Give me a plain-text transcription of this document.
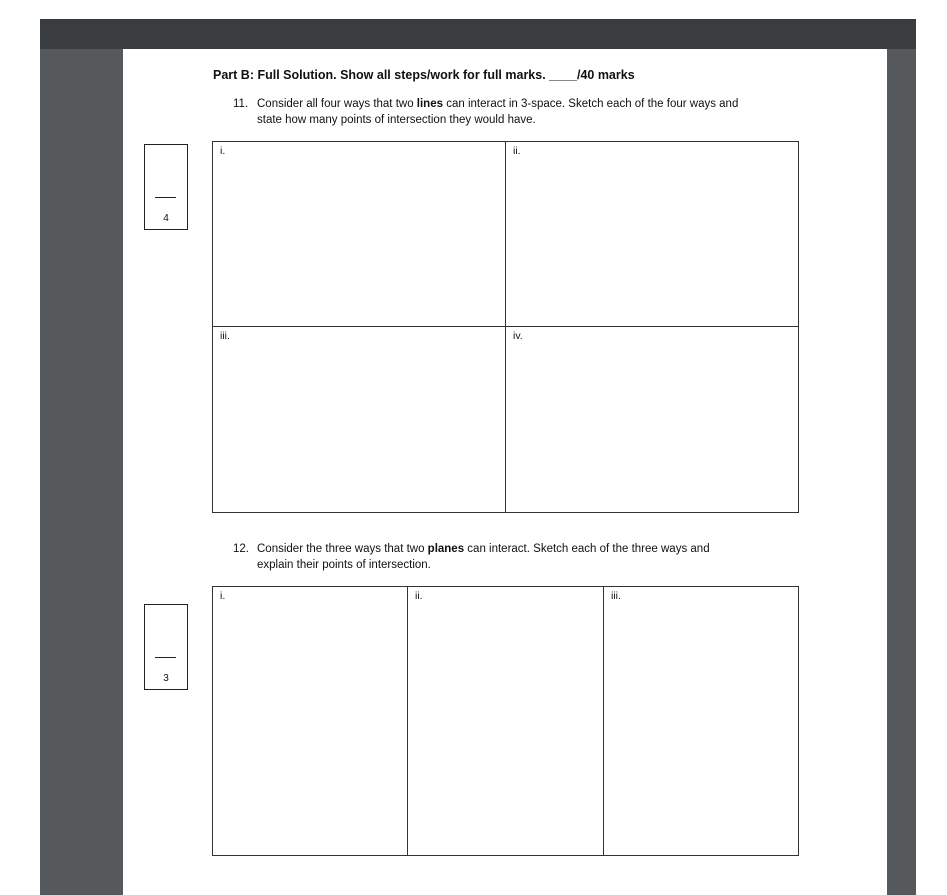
Part B: Full Solution. Show all steps/work for full marks. ____/40 marks
11. Consider all four ways that two lines can interact in 3-space. Sketch each of the four ways and
state how many points of intersection they would have.
4
i.	ii.
iii.	iv.
12. Consider the three ways that two planes can interact. Sketch each of the three ways and
explain their points of intersection.
3
i.	ii.	iii.
